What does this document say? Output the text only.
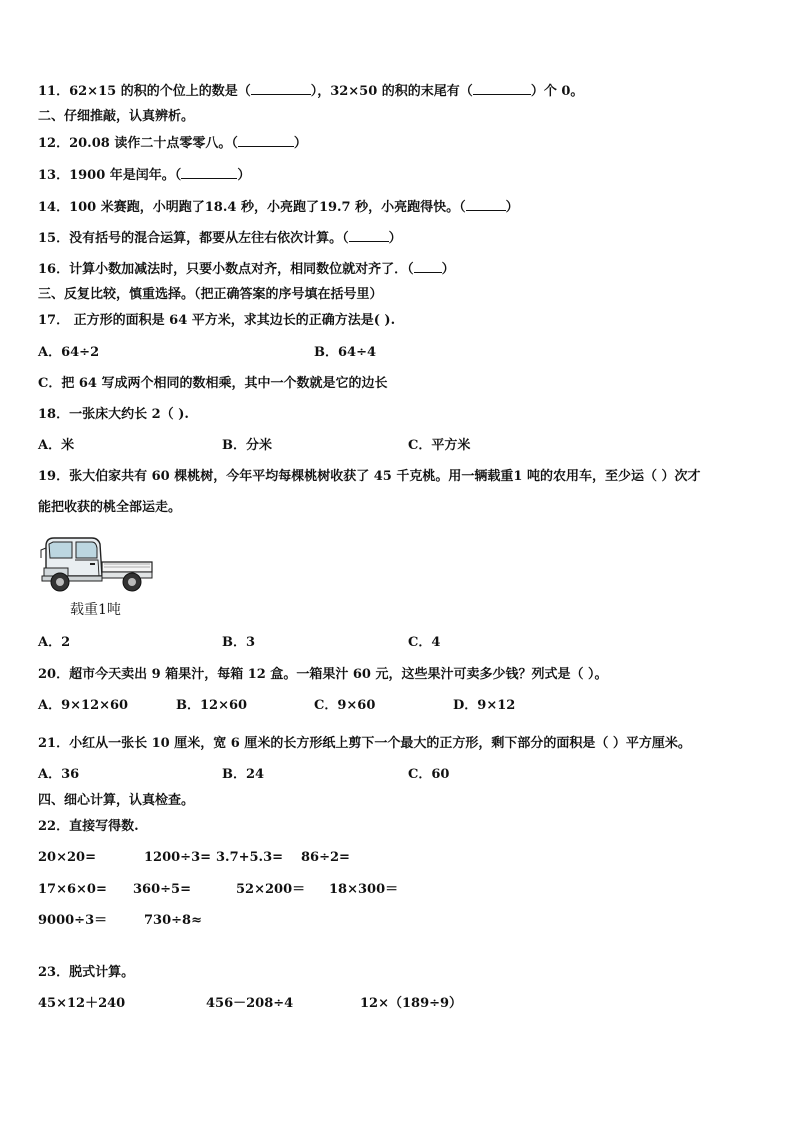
11．62×15 的积的个位上的数是（	），32×50 的积的末尾有（	）个 0。
二、仔细推敲，认真辨析。
12．20.08 读作二十点零零八。（	）
13．1900 年是闰年。（	）
14．100 米赛跑，小明跑了18.4 秒，小亮跑了19.7 秒，小亮跑得快。（	）
15．没有括号的混合运算，都要从左往右依次计算。（	）
16．计算小数加减法时，只要小数点对齐，相同数位就对齐了．（ ）
三、反复比较，慎重选择。（把正确答案的序号填在括号里）
17． 正方形的面积是 64 平方米，求其边长的正确方法是( ).
A．64÷2	B．64÷4
C．把 64 写成两个相同的数相乘，其中一个数就是它的边长
18．一张床大约长 2（ ).
A．米	B．分米	C．平方米
19．张大伯家共有 60 棵桃树，今年平均每棵桃树收获了 45 千克桃。用一辆载重1 吨的农用车，至少运（ ）次才
能把收获的桃全部运走。
载重1吨
A．2	B．3	C．4
20．超市今天卖出 9 箱果汁，每箱 12 盒。一箱果汁 60 元，这些果汁可卖多少钱？列式是（ ）。
A．9×12×60	B．12×60	C．9×60	D．9×12
21．小红从一张长 10 厘米，宽 6 厘米的长方形纸上剪下一个最大的正方形，剩下部分的面积是（ ）平方厘米。
A．36	B．24	C．60
四、细心计算，认真检查。
22．直接写得数.
20×20=	1200÷3= 3.7+5.3= 86÷2=
17×6×0= 360÷5=	52×200＝ 18×300＝
9000÷3＝	730÷8≈
23．脱式计算。
45×12＋240	456－208÷4	12×（189÷9）
